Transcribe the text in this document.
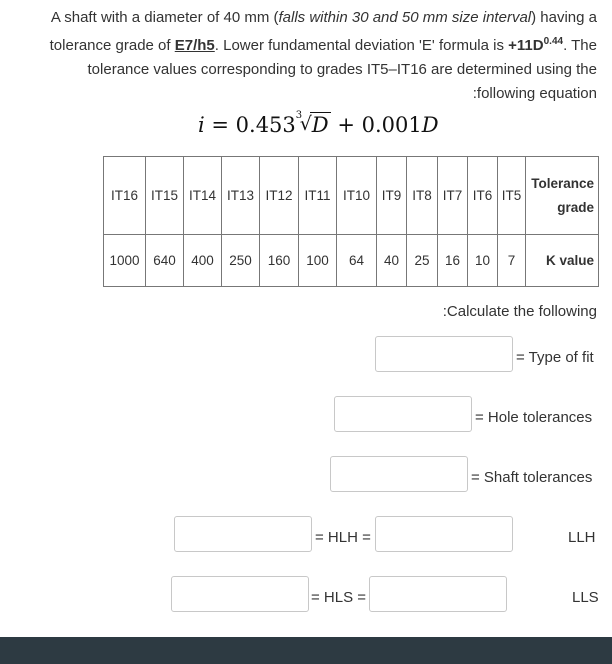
A shaft with a diameter of 40 mm (falls within 30 and 50 mm size interval) having a
tolerance grade of E7/h5. Lower fundamental deviation 'E' formula is $+11D^{0.44}$. The
tolerance values corresponding to grades IT5–IT16 are determined using the
:following equation
i = 0.453 3
√ D + 0.001D
IT16	IT15	IT14	IT13	IT12	IT11	IT10	IT9	IT8	IT7	IT6	IT5	Tolerance
grade
1000	640	400	250	160	100	64	40	25	16	10	7	K value
:Calculate the following
= Type of fit
= Hole tolerances
= Shaft tolerances
= HLH =	LLH
= HLS =	LLS
